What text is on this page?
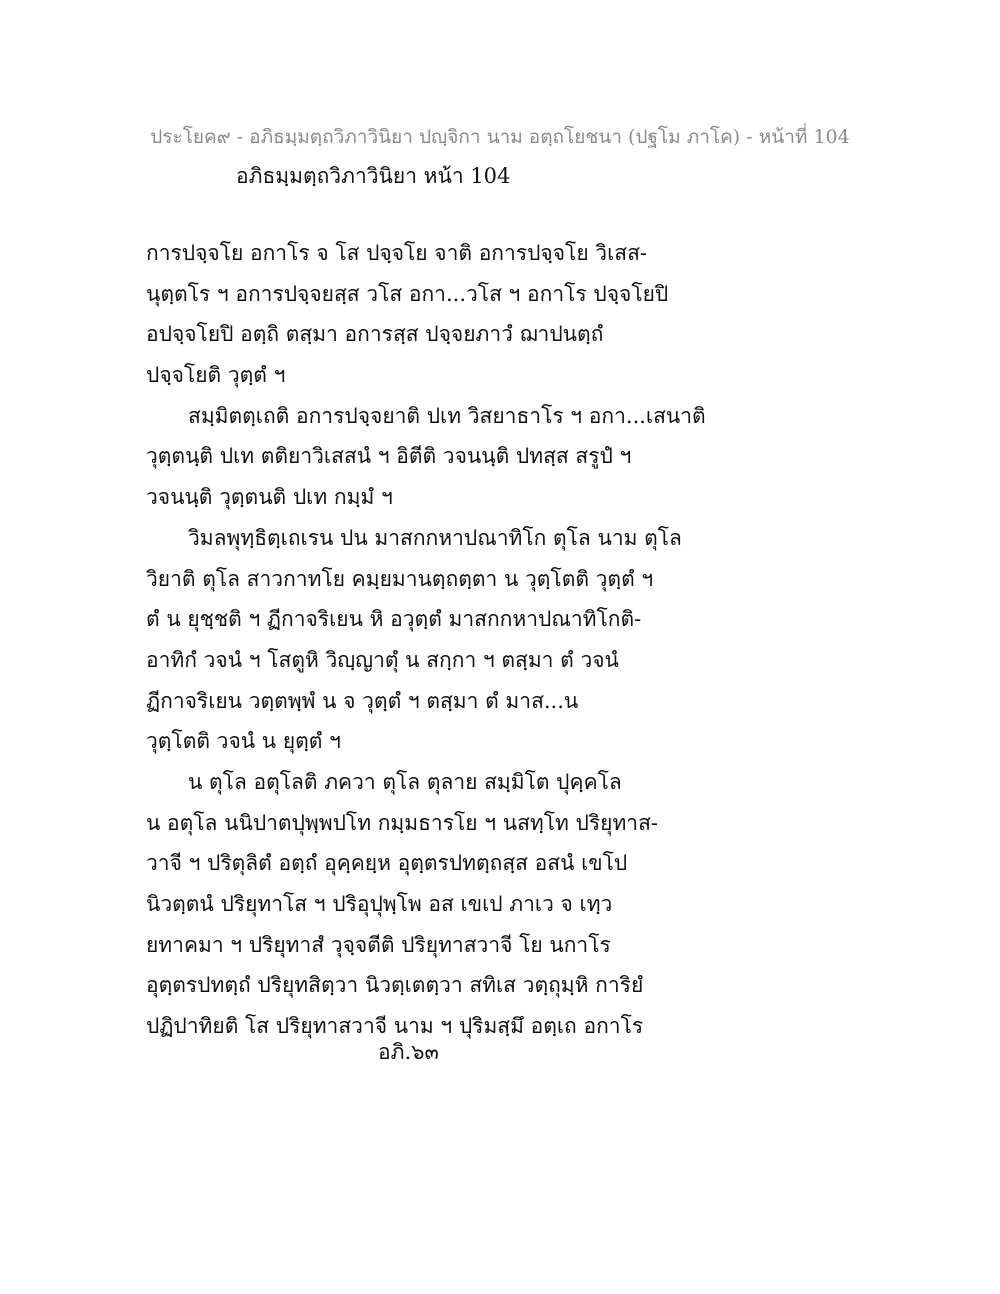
ประโยค๙ - อภิธมฺมตฺถวิภาวินิยา ปญฺจิกา นาม อตฺถโยชนา (ปฐโม ภาโค) - หน้าที่ 104
อภิธมฺมตฺถวิภาวินิยา หน้า 104
การปจฺจโย อกาโร จ โส ปจฺจโย จาติ อการปจฺจโย วิเสส-
นุตฺตโร ฯ อการปจฺจยสฺส วโส อกา...วโส ฯ อกาโร ปจฺจโยปิ
อปจฺจโยปิ อตฺถิ ตสฺมา อการสฺส ปจฺจยภาวํ ฌาปนตฺถํ
ปจฺจโยติ วุตฺตํ ฯ
สมฺมิตตฺเถติ อการปจฺจยาติ ปเท วิสยาธาโร ฯ อกา...เสนาติ
วุตฺตนฺติ ปเท ตติยาวิเสสนํ ฯ อิตีติ วจนนฺติ ปทสฺส สรูปํ ฯ
วจนนฺติ วุตฺตนติ ปเท กมฺมํ ฯ
วิมลพุทฺธิตฺเถเรน ปน มาสกกหาปณาทิโก ตุโล นาม ตุโล
วิยาติ ตุโล สาวกาทโย คมฺยมานตฺถตฺตา น วุตฺโตติ วุตฺตํ ฯ
ตํ น ยุชฺชติ ฯ ฏีกาจริเยน หิ อวุตฺตํ มาสกกหาปณาทิโกติ-
อาทิกํ วจนํ ฯ โสตูหิ วิญฺญาตุํ น สกฺกา ฯ ตสฺมา ตํ วจนํ
ฏีกาจริเยน วตฺตพฺพํ น จ วุตฺตํ ฯ ตสฺมา ตํ มาส...น
วุตฺโตติ วจนํ น ยุตฺตํ ฯ
น ตุโล อตุโลติ ภควา ตุโล ตุลาย สมฺมิโต ปุคฺคโล
น อตุโล นนิปาตปุพฺพปโท กมฺมธารโย ฯ นสทฺโท ปริยุทาส-
วาจี ฯ ปริตุลิตํ อตฺถํ อุคฺคยฺห อุตฺตรปทตฺถสฺส อสนํ เขโป
นิวตฺตนํ ปริยุทาโส ฯ ปริอุปุพฺโพ อส เขเป ภาเว จ เทฺว
ยทาคมา ฯ ปริยุทาสํ วุจฺจตีติ ปริยุทาสวาจี โย นกาโร
อุตฺตรปทตฺถํ ปริยุทสิตฺวา นิวตฺเตตฺวา สทิเส วตฺถุมฺหิ การิยํ
ปฏิปาทิยติ โส ปริยุทาสวาจี นาม ฯ ปุริมสฺมึ อตฺเถ อกาโร
อภิ.๖๓
